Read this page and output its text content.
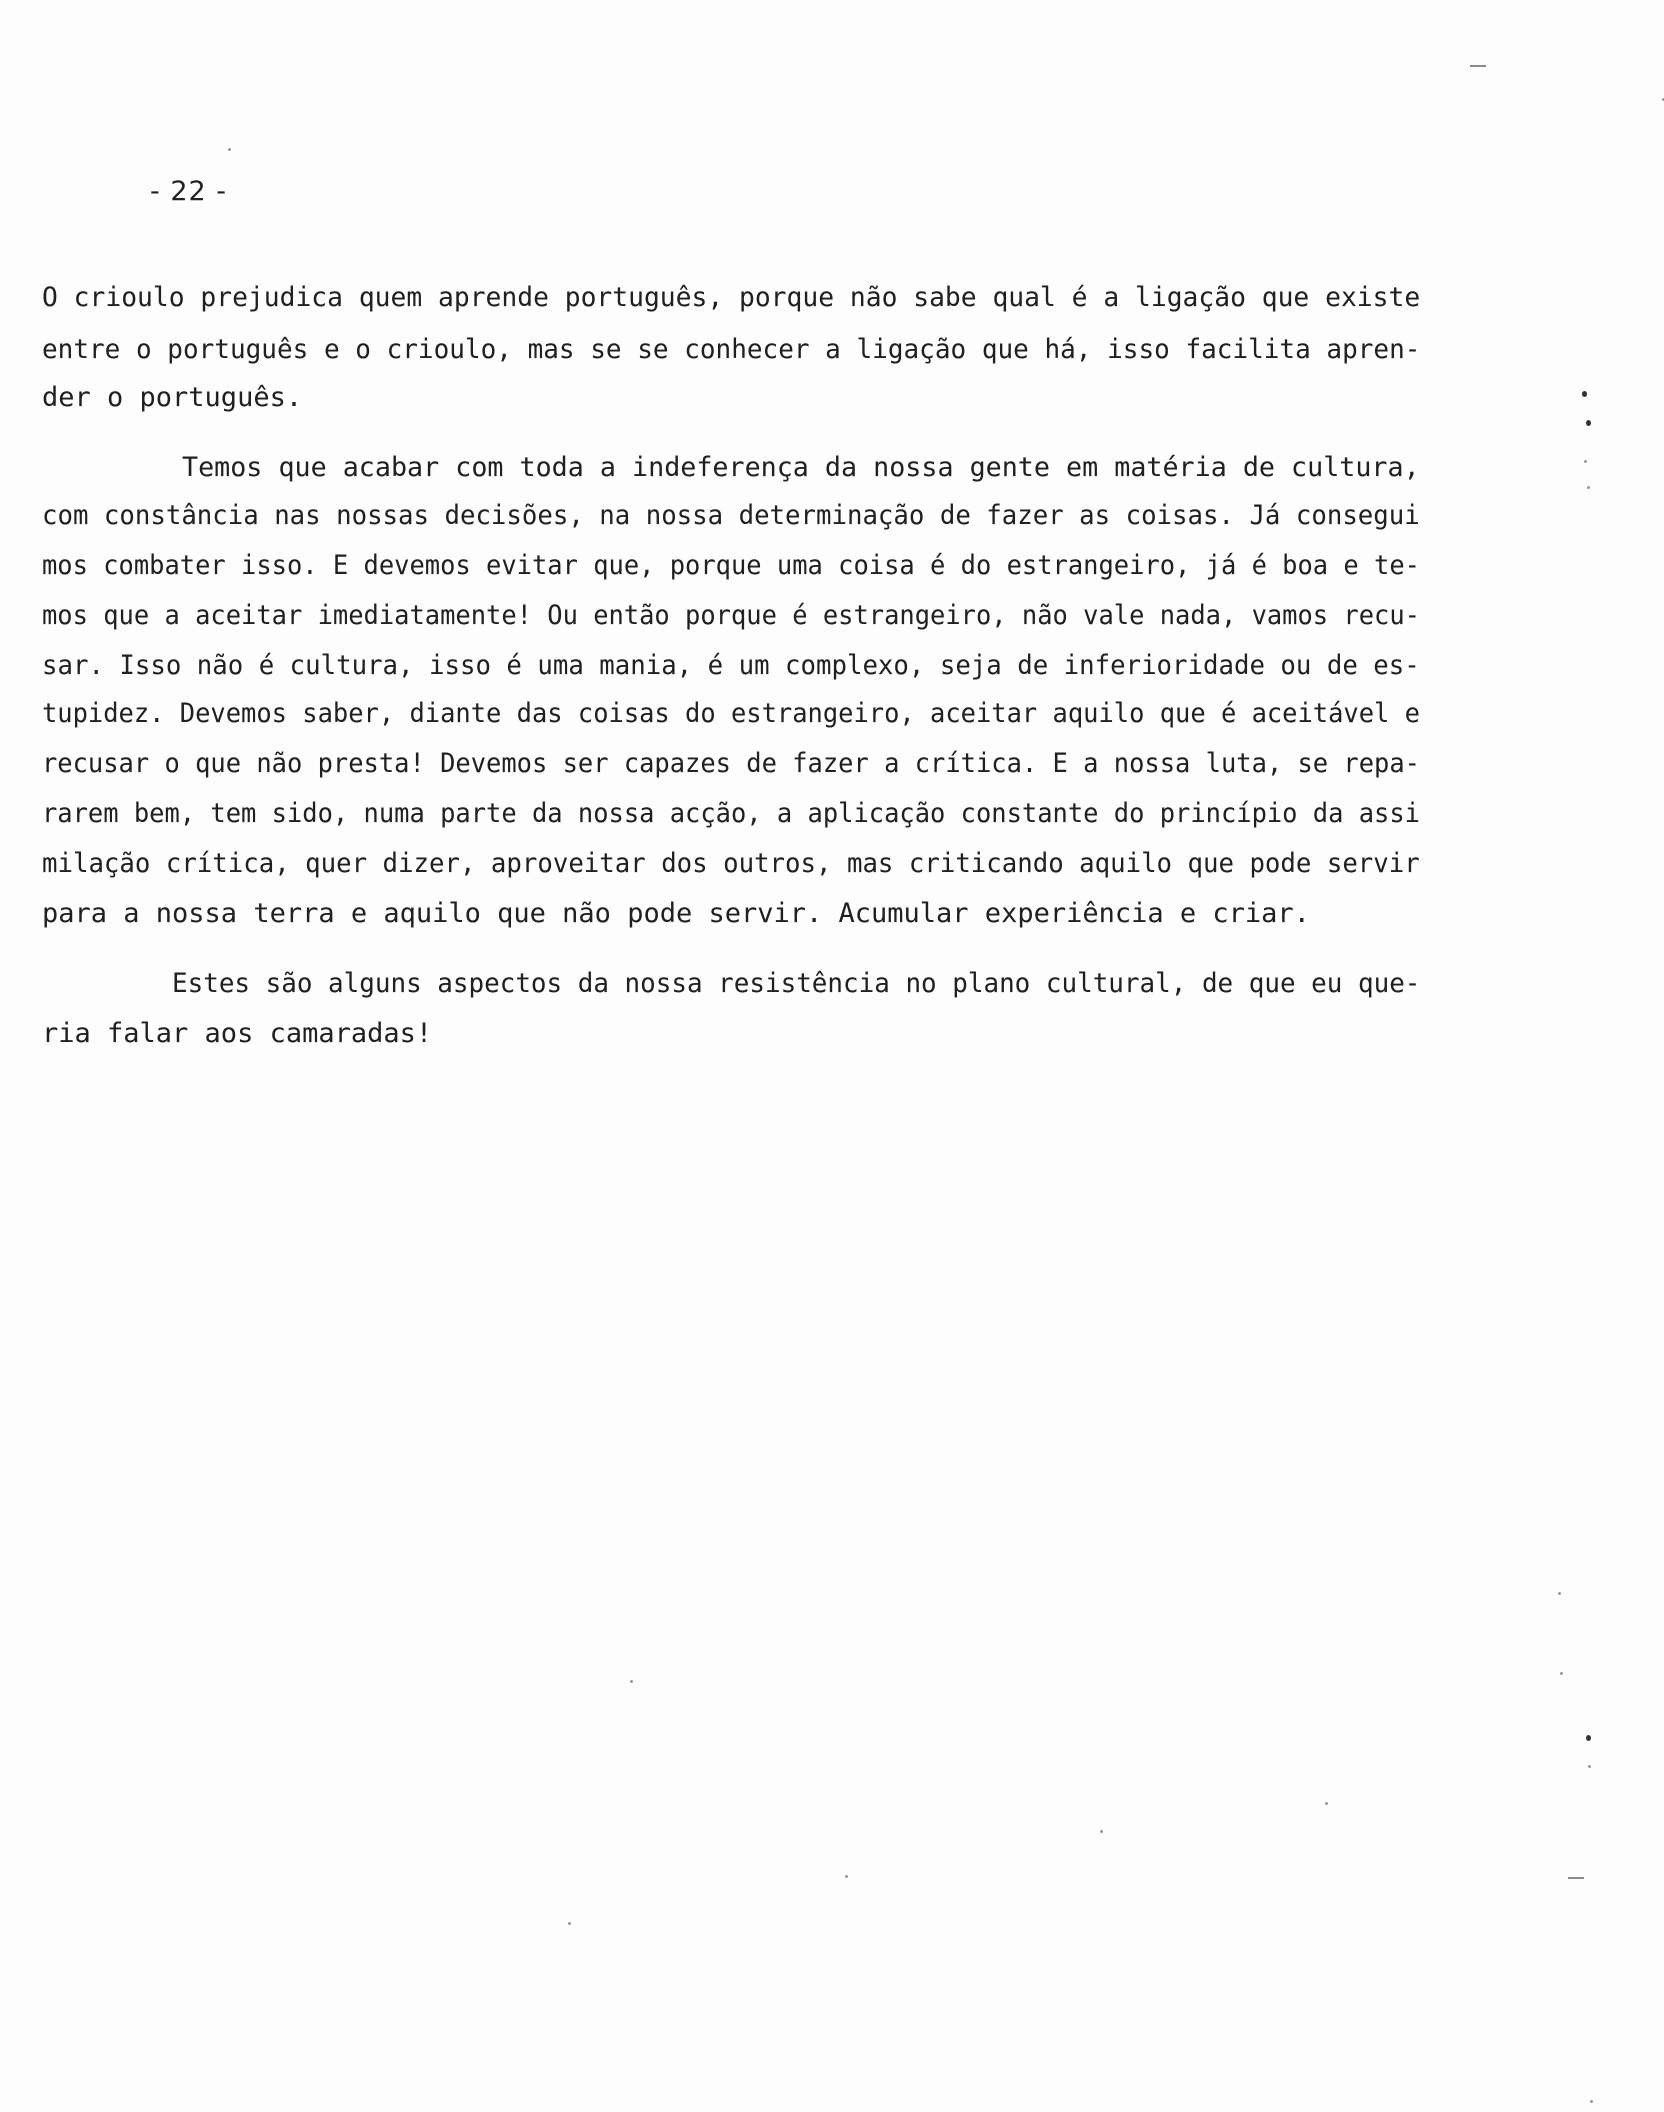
- 22 -
O crioulo prejudica quem aprende português, porque não sabe qual é a ligação que existe
entre o português e o crioulo, mas se se conhecer a ligação que há, isso facilita apren-
der o português.
Temos que acabar com toda a indeferença da nossa gente em matéria de cultura,
com constância nas nossas decisões, na nossa determinação de fazer as coisas. Já consegui
mos combater isso. E devemos evitar que, porque uma coisa é do estrangeiro, já é boa e te-
mos que a aceitar imediatamente! Ou então porque é estrangeiro, não vale nada, vamos recu-
sar. Isso não é cultura, isso é uma mania, é um complexo, seja de inferioridade ou de es-
tupidez. Devemos saber, diante das coisas do estrangeiro, aceitar aquilo que é aceitável e
recusar o que não presta! Devemos ser capazes de fazer a crítica. E a nossa luta, se repa-
rarem bem, tem sido, numa parte da nossa acção, a aplicação constante do princípio da assi
milação crítica, quer dizer, aproveitar dos outros, mas criticando aquilo que pode servir
para a nossa terra e aquilo que não pode servir. Acumular experiência e criar.
Estes são alguns aspectos da nossa resistência no plano cultural, de que eu que-
ria falar aos camaradas!
